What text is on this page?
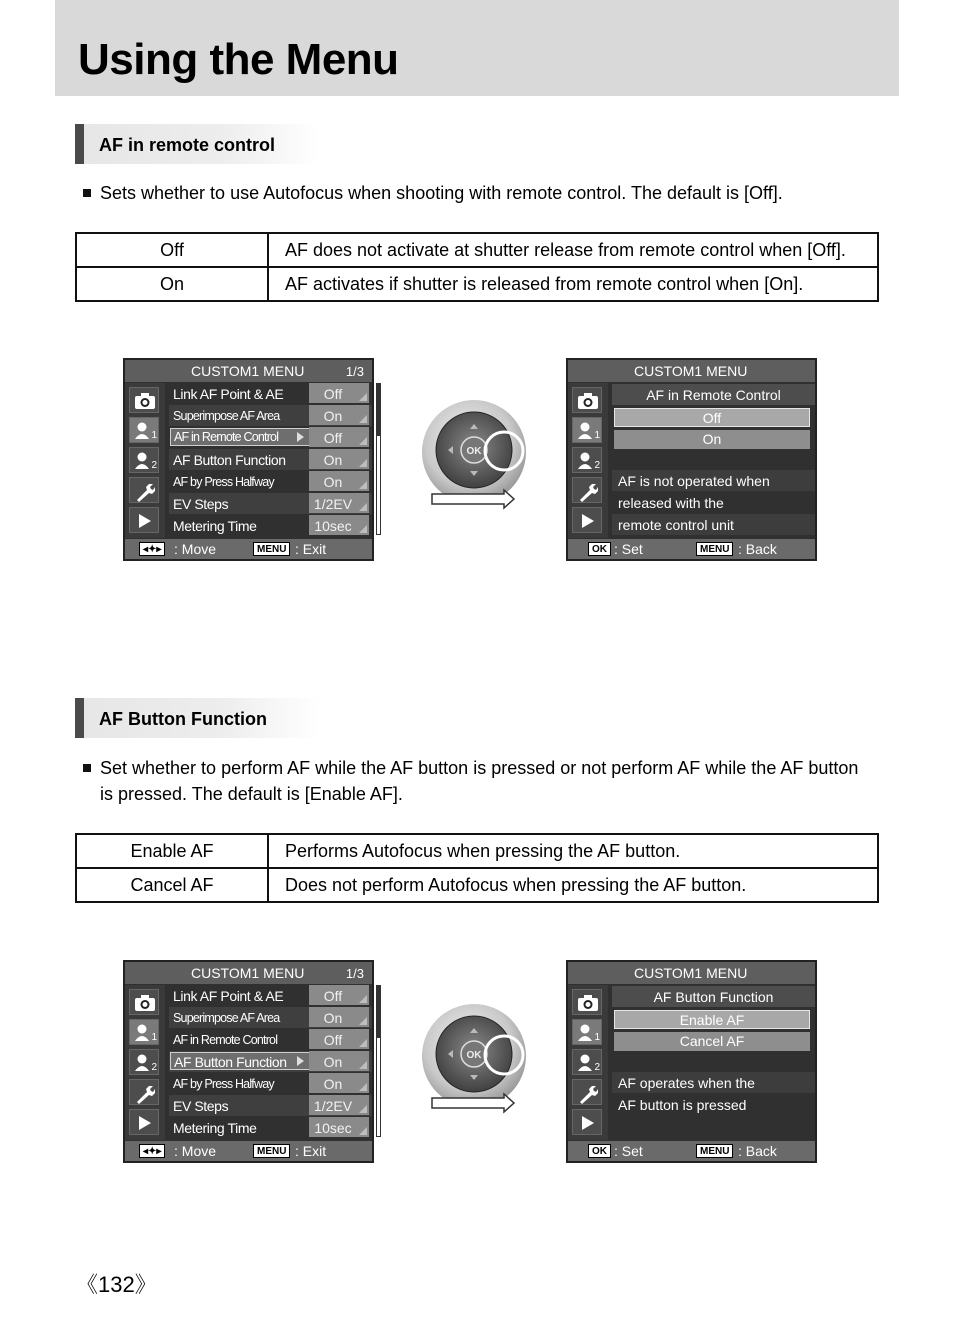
Using the Menu
AF in remote control
Sets whether to use Autofocus when shooting with remote control. The default is [Off].
Off	AF does not activate at shutter release from remote control when [Off].
On	AF activates if shutter is released from remote control when [On].
AF Button Function
Set whether to perform AF while the AF button is pressed or not perform AF while the AF button is pressed. The default is [Enable AF].
Enable AF	Performs Autofocus when pressing the AF button.
Cancel AF	Does not perform Autofocus when pressing the AF button.
CUSTOM1 MENU	1/3
1
2
Link AF Point & AE	Off
Superimpose AF Area	On
AF in Remote Control	Off
AF Button Function	On
AF by Press Halfway	On
EV Steps	1/2EV
Metering Time	10sec
◂✦▸ : Move	MENU : Exit
CUSTOM1 MENU
1
2
AF in Remote Control
Off
On
AF is not operated when
released with the
remote control unit
OK : Set	MENU : Back
CUSTOM1 MENU	1/3
1
2
Link AF Point & AE	Off
Superimpose AF Area	On
AF in Remote Control	Off
AF Button Function	On
AF by Press Halfway	On
EV Steps	1/2EV
Metering Time	10sec
◂✦▸ : Move	MENU : Exit
CUSTOM1 MENU
1
2
AF Button Function
Enable AF
Cancel AF
AF operates when the
AF button is pressed
OK : Set	MENU : Back
OK
OK
《132》
